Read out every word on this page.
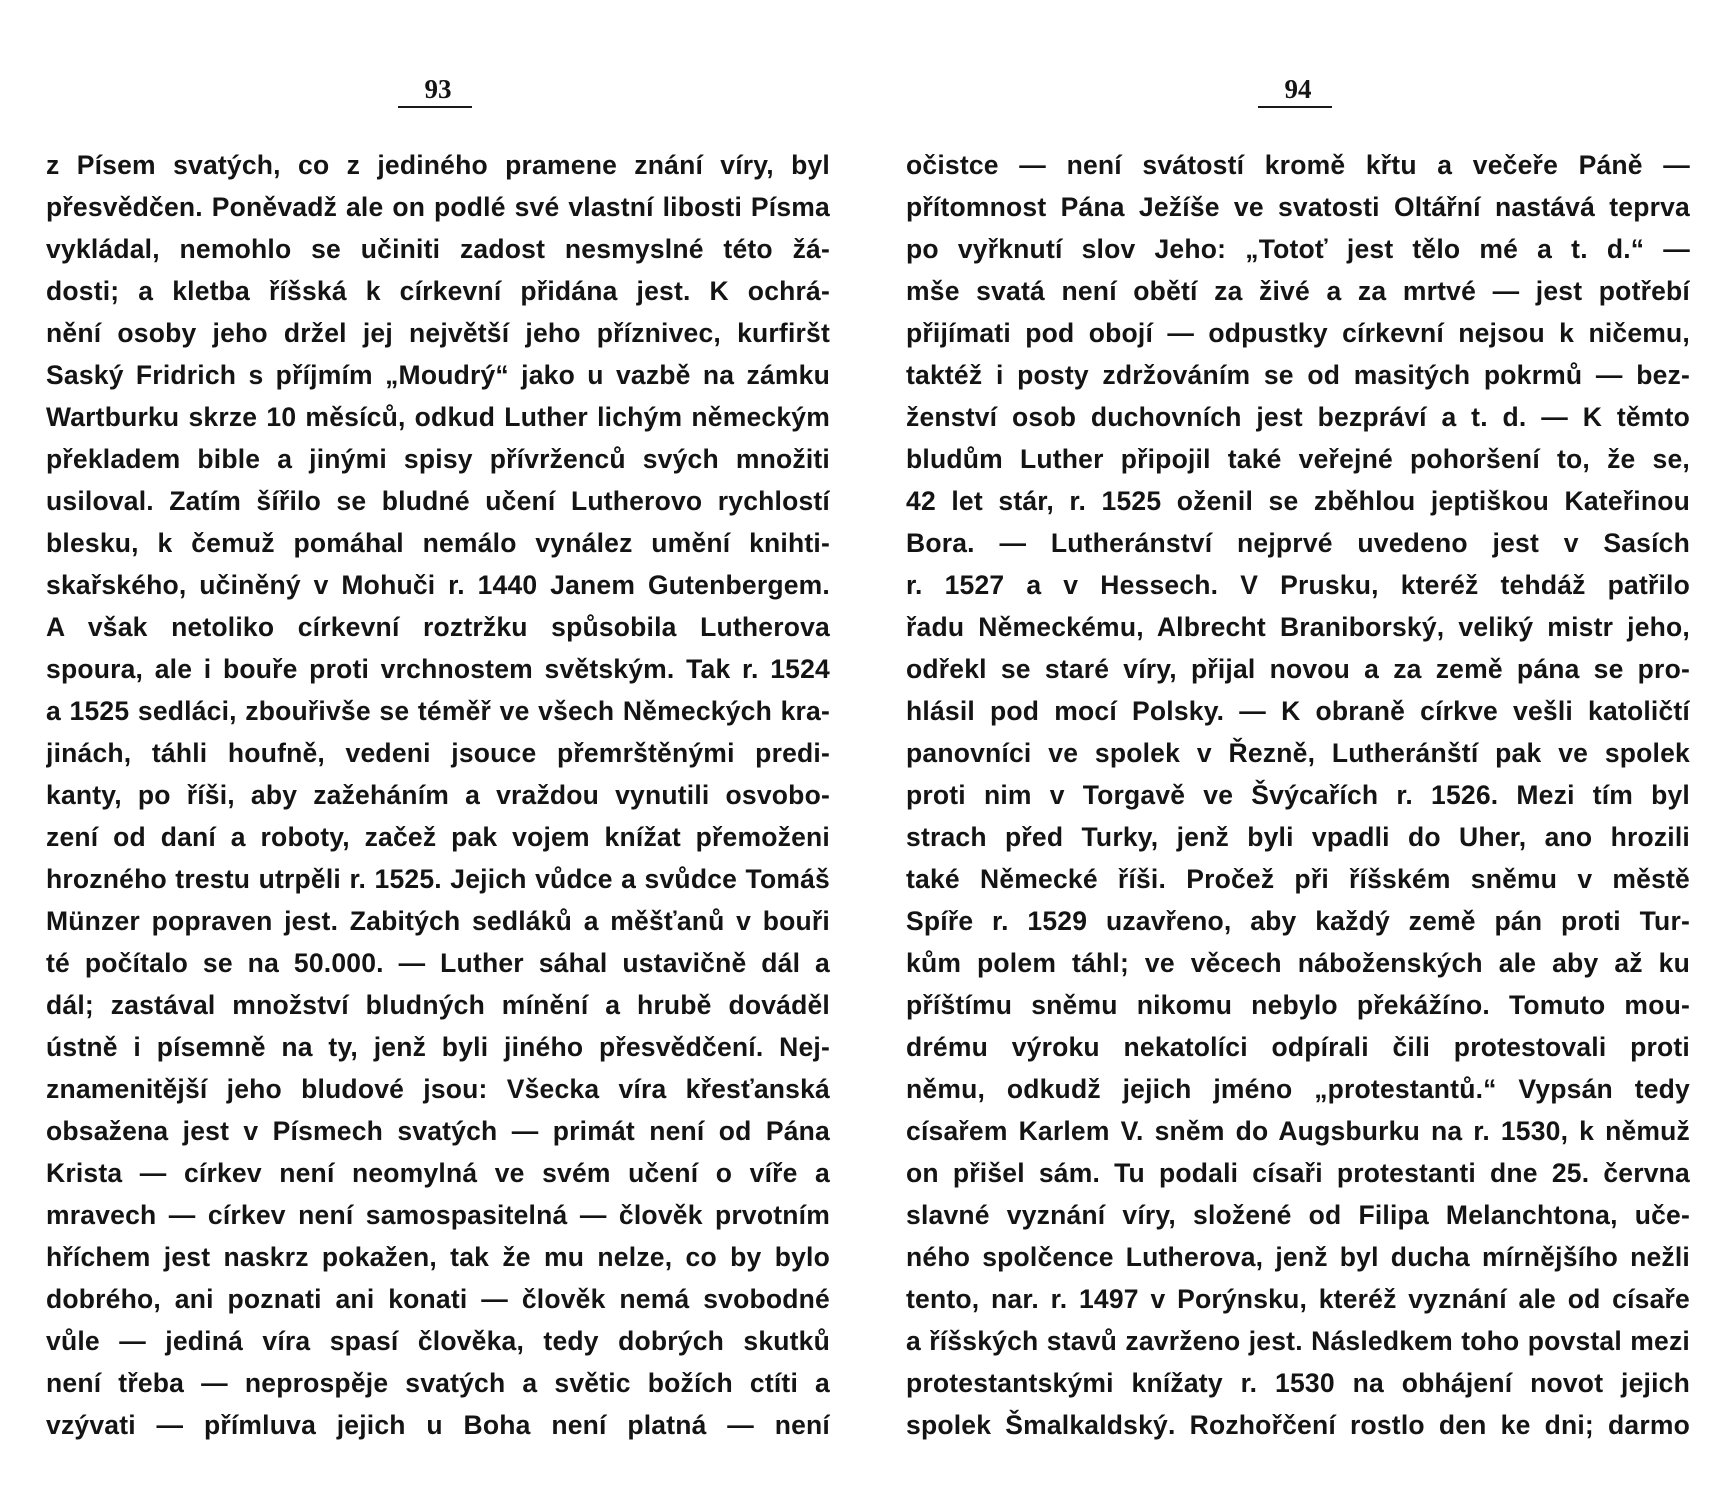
93
z Písem svatých, co z jediného pramene znání víry, byl
přesvědčen. Poněvadž ale on podlé své vlastní libosti Písma
vykládal, nemohlo se učiniti zadost nesmyslné této žá-
dosti; a kletba říšská k církevní přidána jest. K ochrá-
nění osoby jeho držel jej největší jeho příznivec, kurfiršt
Saský Fridrich s příjmím „Moudrý“ jako u vazbě na zámku
Wartburku skrze 10 měsíců, odkud Luther lichým německým
překladem bible a jinými spisy přívrženců svých množiti
usiloval. Zatím šířilo se bludné učení Lutherovo rychlostí
blesku, k čemuž pomáhal nemálo vynález umění knihti-
skařského, učiněný v Mohuči r. 1440 Janem Gutenbergem.
A však netoliko církevní roztržku spůsobila Lutherova
spoura, ale i bouře proti vrchnostem světským. Tak r. 1524
a 1525 sedláci, zbouřivše se téměř ve všech Německých kra-
jinách, táhli houfně, vedeni jsouce přemrštěnými predi-
kanty, po říši, aby zažeháním a vraždou vynutili osvobo-
zení od daní a roboty, začež pak vojem knížat přemoženi
hrozného trestu utrpěli r. 1525. Jejich vůdce a svůdce Tomáš
Münzer popraven jest. Zabitých sedláků a měšťanů v bouři
té počítalo se na 50.000. — Luther sáhal ustavičně dál a
dál; zastával množství bludných mínění a hrubě dováděl
ústně i písemně na ty, jenž byli jiného přesvědčení. Nej-
znamenitější jeho bludové jsou: Všecka víra křesťanská
obsažena jest v Písmech svatých — primát není od Pána
Krista — církev není neomylná ve svém učení o víře a
mravech — církev není samospasitelná — člověk prvotním
hříchem jest naskrz pokažen, tak že mu nelze, co by bylo
dobrého, ani poznati ani konati — člověk nemá svobodné
vůle — jediná víra spasí člověka, tedy dobrých skutků
není třeba — neprospěje svatých a světic božích ctíti a
vzývati — přímluva jejich u Boha není platná — není
94
očistce — není svátostí kromě křtu a večeře Páně —
přítomnost Pána Ježíše ve svatosti Oltářní nastává teprva
po vyřknutí slov Jeho: „Totoť jest tělo mé a t. d.“ —
mše svatá není obětí za živé a za mrtvé — jest potřebí
přijímati pod obojí — odpustky církevní nejsou k ničemu,
taktéž i posty zdržováním se od masitých pokrmů — bez-
ženství osob duchovních jest bezpráví a t. d. — K těmto
bludům Luther připojil také veřejné pohoršení to, že se,
42 let stár, r. 1525 oženil se zběhlou jeptiškou Kateřinou
Bora. — Lutheránství nejprvé uvedeno jest v Sasích
r. 1527 a v Hessech. V Prusku, kteréž tehdáž patřilo
řadu Německému, Albrecht Braniborský, veliký mistr jeho,
odřekl se staré víry, přijal novou a za země pána se pro-
hlásil pod mocí Polsky. — K obraně církve vešli katoličtí
panovníci ve spolek v Řezně, Lutheránští pak ve spolek
proti nim v Torgavě ve Švýcařích r. 1526. Mezi tím byl
strach před Turky, jenž byli vpadli do Uher, ano hrozili
také Německé říši. Pročež při říšském sněmu v městě
Spíře r. 1529 uzavřeno, aby každý země pán proti Tur-
kům polem táhl; ve věcech náboženských ale aby až ku
příštímu sněmu nikomu nebylo překážíno. Tomuto mou-
drému výroku nekatolíci odpírali čili protestovali proti
němu, odkudž jejich jméno „protestantů.“ Vypsán tedy
císařem Karlem V. sněm do Augsburku na r. 1530, k němuž
on přišel sám. Tu podali císaři protestanti dne 25. června
slavné vyznání víry, složené od Filipa Melanchtona, uče-
ného spolčence Lutherova, jenž byl ducha mírnějšího nežli
tento, nar. r. 1497 v Porýnsku, kteréž vyznání ale od císaře
a říšských stavů zavrženo jest. Následkem toho povstal mezi
protestantskými knížaty r. 1530 na obhájení novot jejich
spolek Šmalkaldský. Rozhořčení rostlo den ke dni; darmo
